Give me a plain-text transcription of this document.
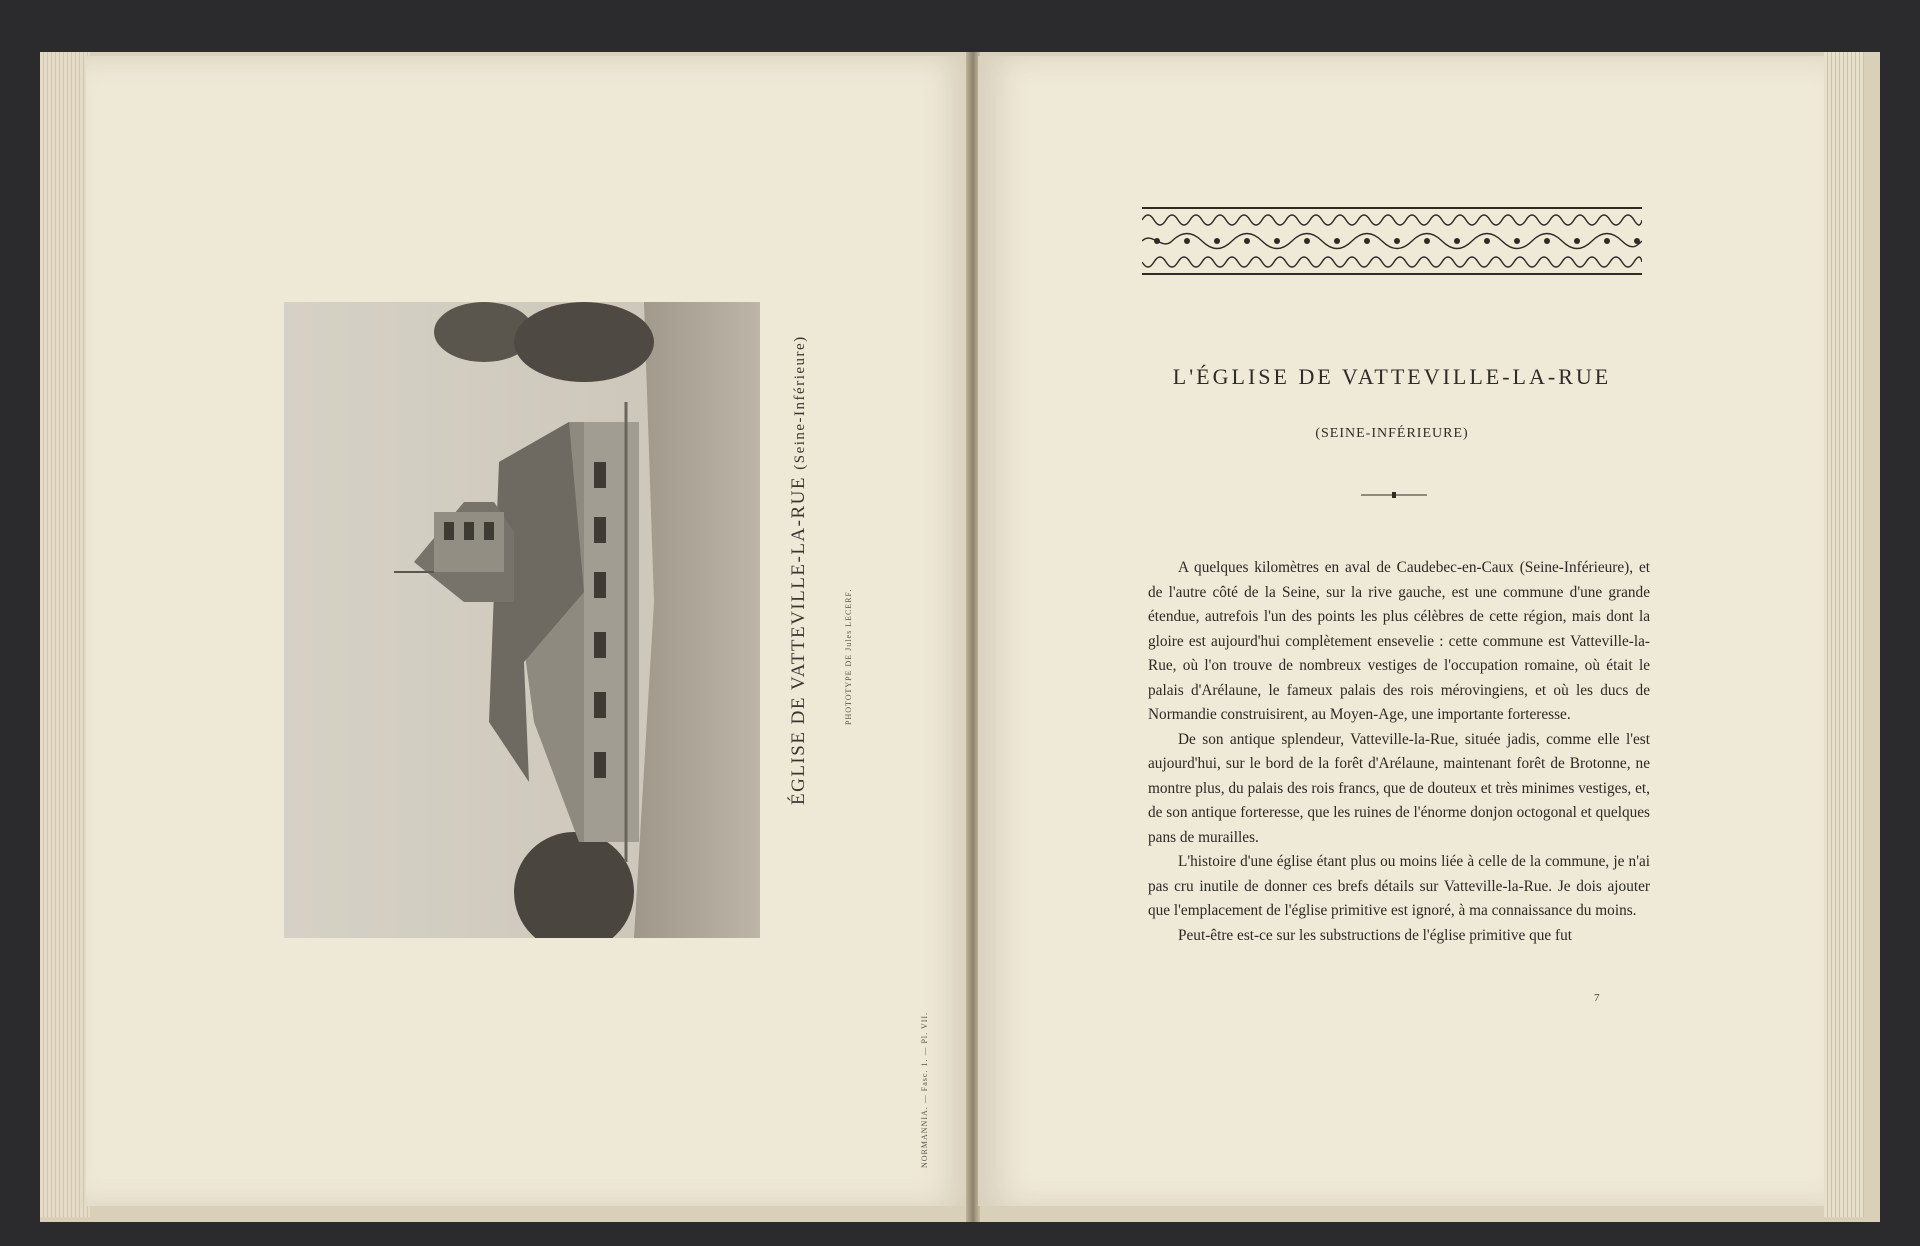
ÉGLISE DE VATTEVILLE-LA-RUE (Seine-Inférieure)
PHOTOTYPE DE Jules LECERF.
NORMANNIA. — Fasc. 1. — Pl. VII.
L'ÉGLISE DE VATTEVILLE-LA-RUE
(SEINE-INFÉRIEURE)

A quelques kilomètres en aval de Caudebec-en-Caux (Seine-Inférieure), et de l'autre côté de la Seine, sur la rive gauche, est une commune d'une grande étendue, autrefois l'un des points les plus célèbres de cette région, mais dont la gloire est aujourd'hui complètement ensevelie : cette commune est Vatteville-la-Rue, où l'on trouve de nombreux vestiges de l'occupation romaine, où était le palais d'Arélaune, le fameux palais des rois mérovingiens, et où les ducs de Normandie construisirent, au Moyen-Age, une importante forteresse.

De son antique splendeur, Vatteville-la-Rue, située jadis, comme elle l'est aujourd'hui, sur le bord de la forêt d'Arélaune, maintenant forêt de Brotonne, ne montre plus, du palais des rois francs, que de douteux et très minimes vestiges, et, de son antique forteresse, que les ruines de l'énorme donjon octogonal et quelques pans de murailles.

L'histoire d'une église étant plus ou moins liée à celle de la commune, je n'ai pas cru inutile de donner ces brefs détails sur Vatteville-la-Rue. Je dois ajouter que l'emplacement de l'église primitive est ignoré, à ma connaissance du moins.

Peut-être est-ce sur les substructions de l'église primitive que fut

7
